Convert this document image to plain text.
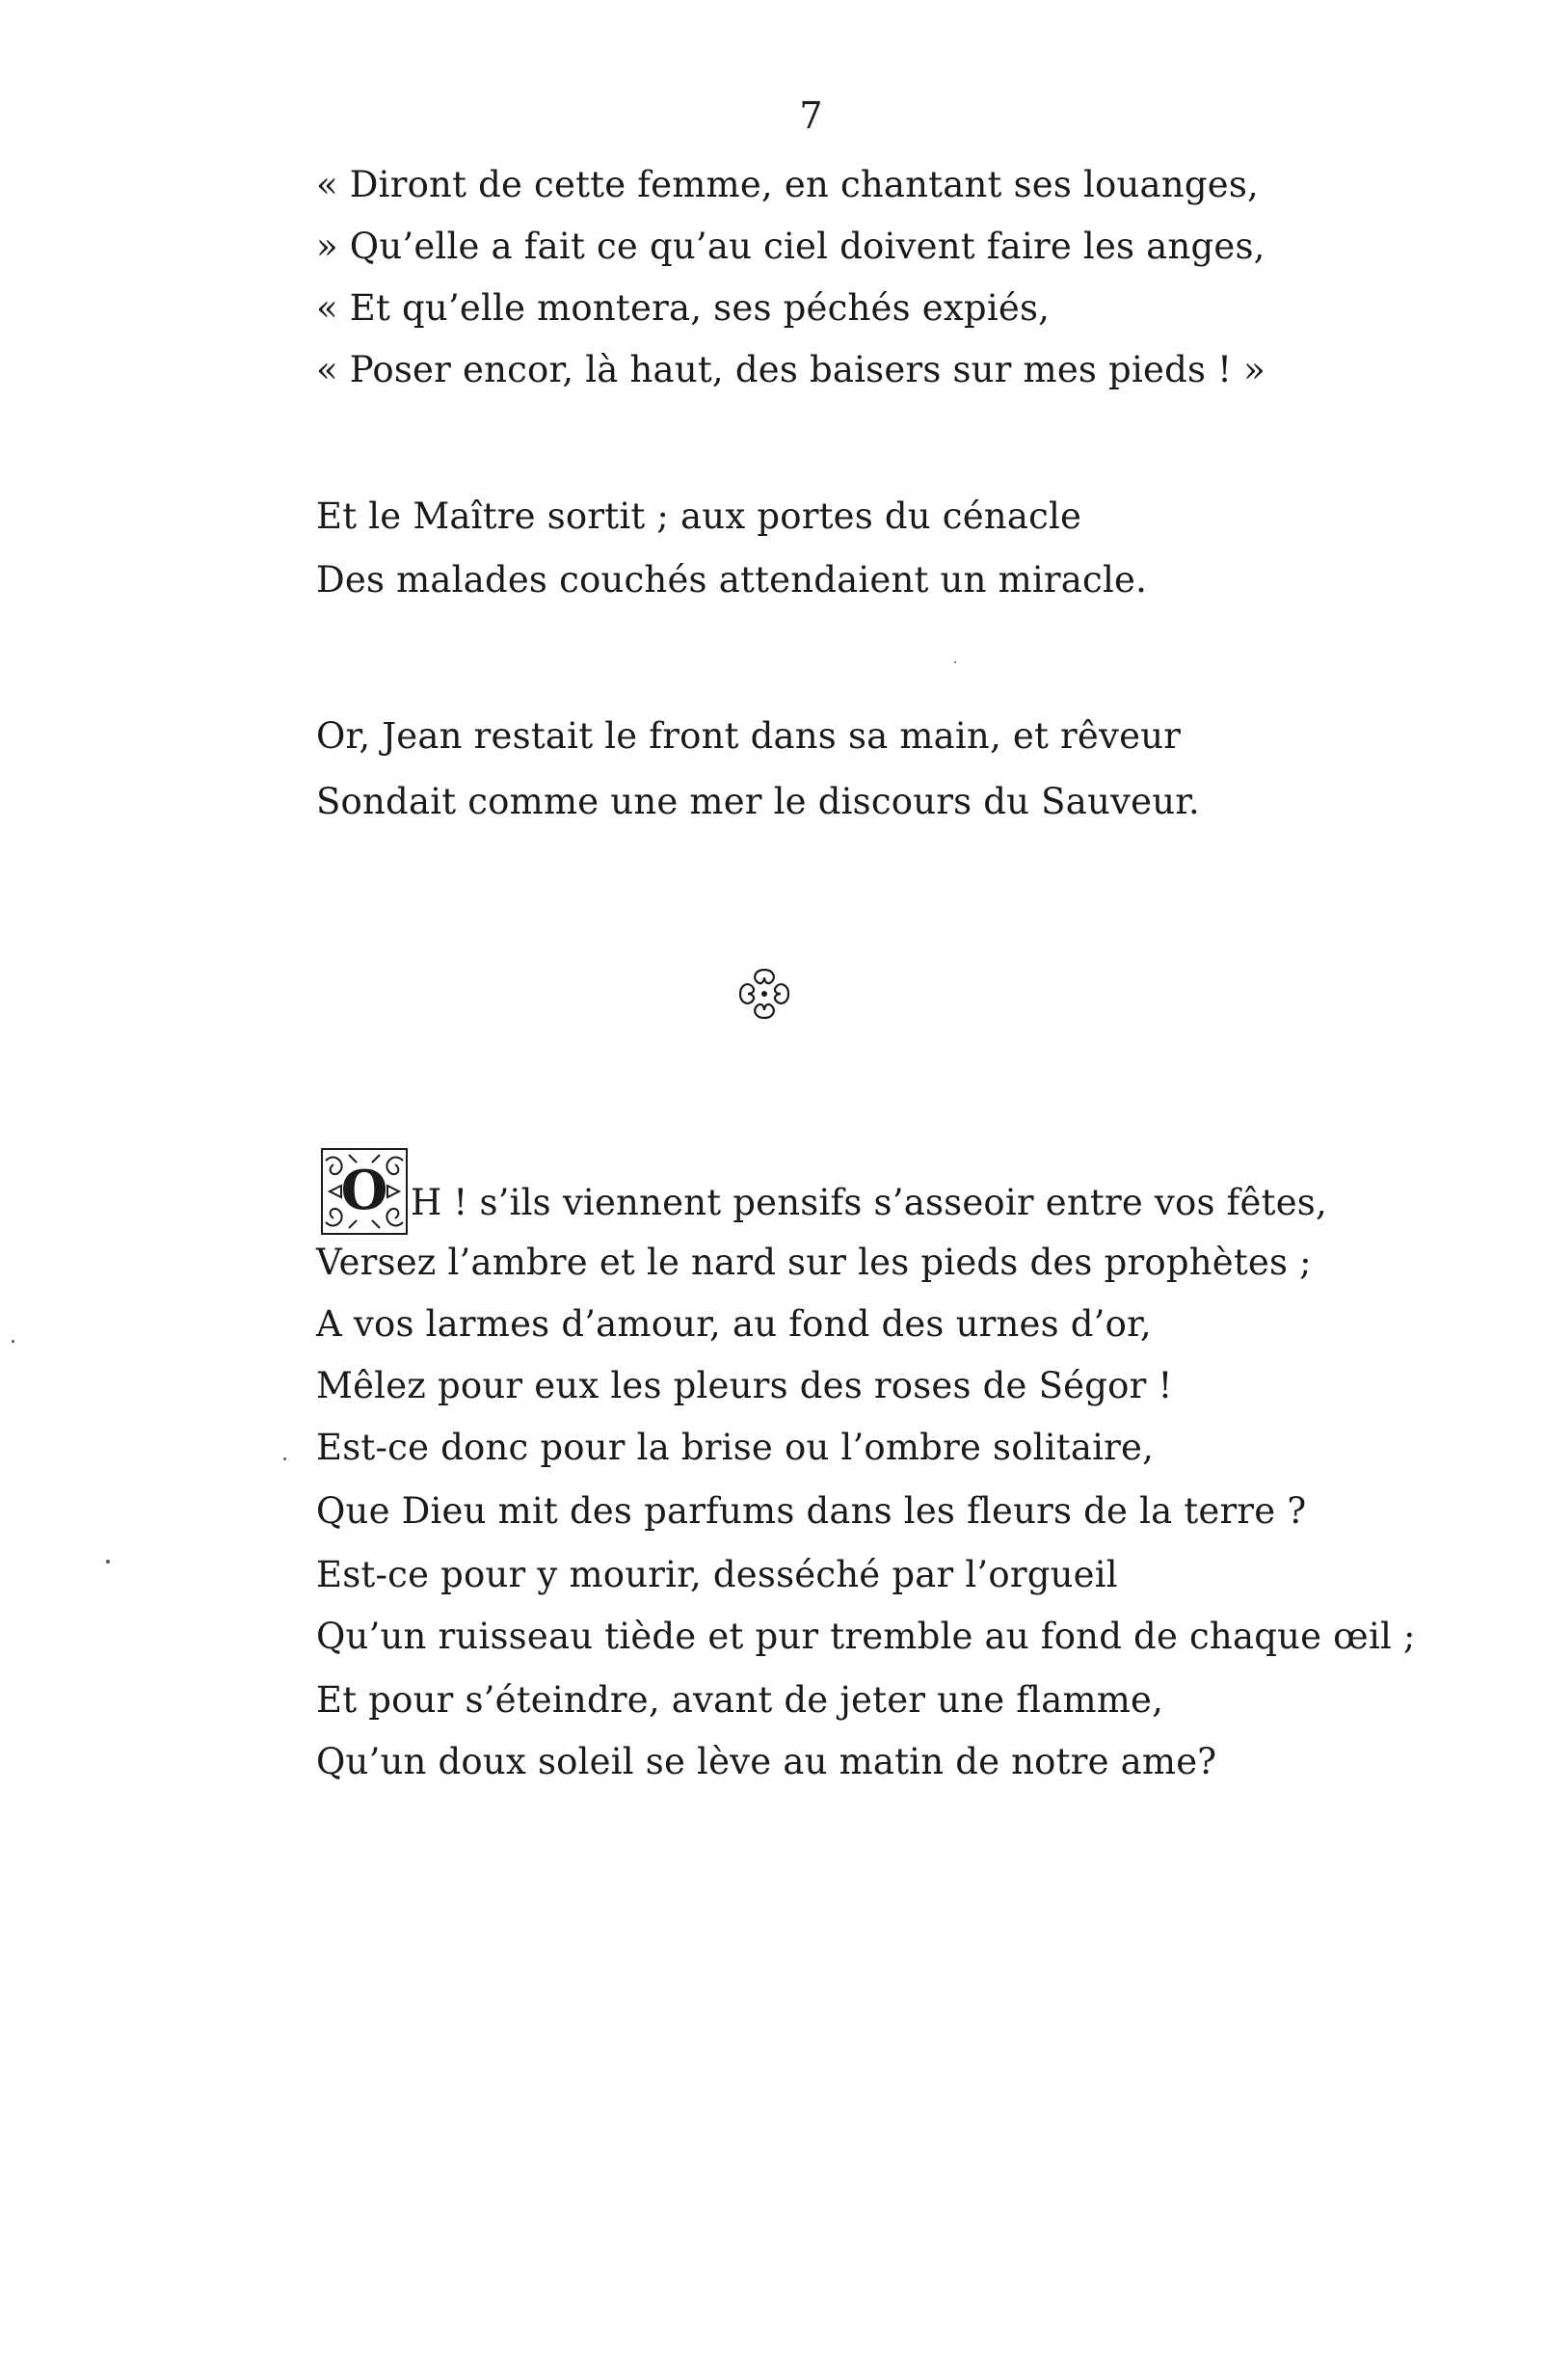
7
« Diront de cette femme, en chantant ses louanges,
» Qu’elle a fait ce qu’au ciel doivent faire les anges,
« Et qu’elle montera, ses péchés expiés,
« Poser encor, là haut, des baisers sur mes pieds ! »
Et le Maître sortit ; aux portes du cénacle
Des malades couchés attendaient un miracle.
Or, Jean restait le front dans sa main, et rêveur
Sondait comme une mer le discours du Sauveur.
O H ! s’ils viennent pensifs s’asseoir entre vos fêtes,
Versez l’ambre et le nard sur les pieds des prophètes ;
A vos larmes d’amour, au fond des urnes d’or,
Mêlez pour eux les pleurs des roses de Ségor !
Est-ce donc pour la brise ou l’ombre solitaire,
Que Dieu mit des parfums dans les fleurs de la terre ?
Est-ce pour y mourir, desséché par l’orgueil
Qu’un ruisseau tiède et pur tremble au fond de chaque œil ;
Et pour s’éteindre, avant de jeter une flamme,
Qu’un doux soleil se lève au matin de notre ame?
